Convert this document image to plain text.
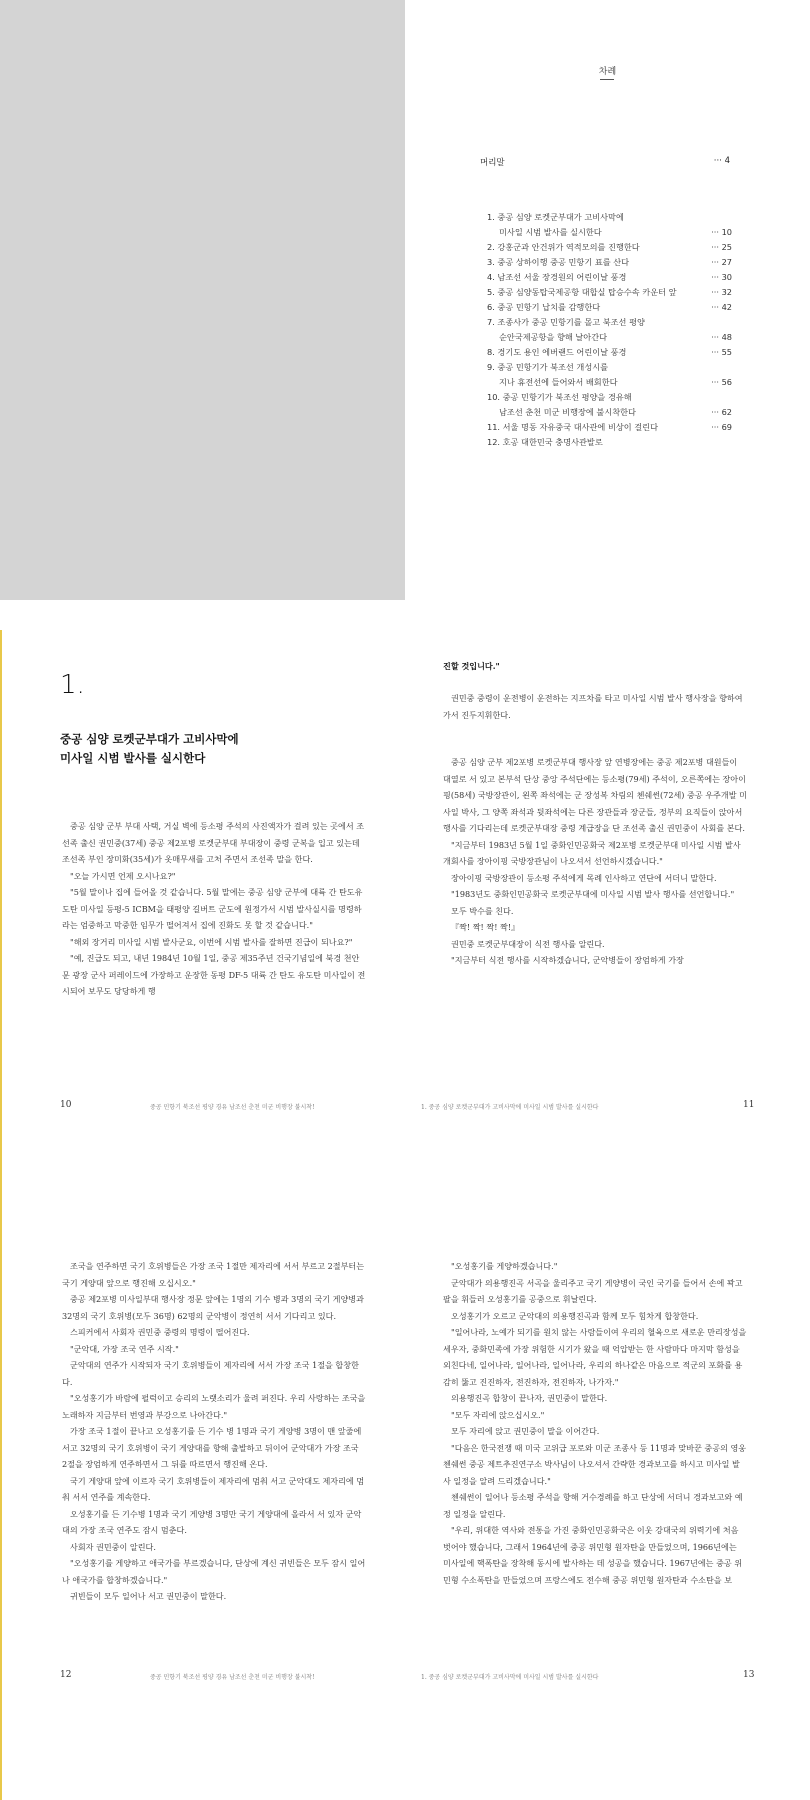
차례
머리말	··· 4
1. 중공 심양 로켓군부대가 고비사막에
미사일 시범 발사를 실시한다	··· 10
2. 강홍군과 안건위가 역적모의를 진행한다	··· 25
3. 중공 상하이행 중공 민항기 표를 산다	··· 27
4. 남조선 서울 장경원의 어린이날 풍경	··· 30
5. 중공 심양동탑국제공항 대합실 탑승수속 카운터 앞	··· 32
6. 중공 민항기 납치를 감행한다	··· 42
7. 조종사가 중공 민항기를 몰고 북조선 평양
순안국제공항을 향해 날아간다	··· 48
8. 경기도 용인 에버랜드 어린이날 풍경	··· 55
9. 중공 민항기가 북조선 개성시를
지나 휴전선에 들어와서 배회한다	··· 56
10. 중공 민항기가 북조선 평양을 경유해
남조선 춘천 미군 비행장에 불시착한다	··· 62
11. 서울 명동 자유중국 대사관에 비상이 걸린다	··· 69
12. 호공 대한민국 충명사관발로
1.
중공 심양 로켓군부대가 고비사막에
미사일 시범 발사를 실시한다

중공 심양 군부 부대 사택, 거실 벽에 등소평 주석의 사진액자가 걸려 있는 곳에서 조선족 출신 권민중(37세) 중공 제2포병 로켓군부대 부대장이 중령 군복을 입고 있는데 조선족 부인 장미화(35세)가 옷매무새를 고처 주면서 조선족 말을 한다.

"오늘 가시면 언제 오시나요?"

"5월 말이나 집에 들어올 것 같습니다. 5월 말에는 중공 심양 군부에 대륙 간 탄도유도탄 미사일 등평-5 ICBM을 태평양 길버트 군도에 원정가서 시범 발사실시를 명령하라는 엄중하고 막중한 임무가 떨어져서 집에 진화도 못 할 것 같습니다."

"해외 장거리 미사일 시범 발사군요, 이번에 시범 발사를 잘하면 진급이 되나요?"

"예, 진급도 되고, 내년 1984년 10월 1일, 중공 제35주년 건국기념일에 북경 천안문 광장 군사 퍼레이드에 가장하고 운장한 동평 DF-5 대륙 간 탄도 유도탄 미사일이 전시되어 보무도 당당하게 행

10	중공 민항기 북조선 평양 경유 남조선 춘천 미군 비행장 불시착!
진할 것입니다."

권민중 중령이 운전병이 운전하는 지프차를 타고 미사일 시범 발사 행사장을 향하여 가서 진두지휘한다.

중공 심양 군부 제2포병 로켓군부대 행사장 앞 연병장에는 중공 제2포병 대원들이 대열로 서 있고 본부석 단상 중앙 주석단에는 등소평(79세) 주석이, 오른쪽에는 장아이핑(58세) 국방장관이, 왼쪽 좌석에는 군 장성복 차림의 첸쉐썬(72세) 중공 우주개발 미사일 박사, 그 양쪽 좌석과 뒷좌석에는 다른 장관들과 장군들, 정부의 요직들이 앉아서 행사를 기다리는데 로켓군부대장 중령 계급장을 단 조선족 출신 권민중이 사회를 본다.

"지금부터 1983년 5월 1일 중화인민공화국 제2포병 로켓군부대 미사일 시범 발사 개회사를 장아이핑 국방장관님이 나오셔서 선언하시겠습니다."

장아이핑 국방장관이 등소평 주석에게 목례 인사하고 연단에 서더니 말한다.

"1983년도 중화인민공화국 로켓군부대에 미사일 시범 발사 행사를 선언합니다."

모두 박수를 친다.

『짝! 짝! 짝! 짝!』

권민중 로켓군부대장이 식전 행사를 알린다.

"지금부터 식전 행사를 시작하겠습니다, 군악병들이 장엄하게 가장

1. 중공 심양 로켓군부대가 고비사막에 미사일 시범 발사를 실시한다	11

조국을 연주하면 국기 호위병들은 가장 조국 1절만 제자리에 서서 부르고 2절부터는 국기 게양대 앞으로 행진해 오십시오."

중공 제2포병 미사일부대 행사장 정문 앞에는 1명의 기수 병과 3명의 국기 게양병과 32명의 국기 호위병(모두 36명) 62명의 군악병이 정연히 서서 기다리고 있다.

스피커에서 사회자 권민중 중령의 명령이 떨어진다.

"군악대, 가장 조국 연주 시작."

군악대의 연주가 시작되자 국기 호위병들이 제자리에 서서 가장 조국 1절을 합창한다.

"오성홍기가 바람에 펄럭이고 승리의 노랫소리가 울려 퍼진다. 우리 사랑하는 조국을 노래하자 지금부터 번영과 부강으로 나아간다."

가장 조국 1절이 끝나고 오성홍기를 든 기수 병 1명과 국기 게양병 3명이 맨 앞줄에 서고 32명의 국기 호위병이 국기 게양대를 향해 출발하고 뒤이어 군악대가 가장 조국 2절을 장엄하게 연주하면서 그 뒤를 따르면서 행진해 온다.

국기 게양대 앞에 이르자 국기 호위병들이 제자리에 멈춰 서고 군악대도 제자리에 멈춰 서서 연주를 계속한다.

오성홍기를 든 기수병 1명과 국기 게양병 3명만 국기 게양대에 올라서 서 있자 군악대의 가장 조국 연주도 잠시 멈춘다.

사회자 권민중이 알린다.

"오성홍기를 게양하고 애국가를 부르겠습니다, 단상에 계신 귀빈들은 모두 잠시 일어나 애국가를 합창하겠습니다."

귀빈들이 모두 일어나 서고 권민중이 말한다.

12	중공 민항기 북조선 평양 경유 남조선 춘천 미군 비행장 불시착!

"오성홍기를 게양하겠습니다."

군악대가 의용행진곡 서곡을 울리주고 국기 게양병이 국인 국기를 들어서 손에 꽉고 팔을 휘들러 오성홍기를 공중으로 휘날린다.

오성홍기가 오르고 군악대의 의용행진곡과 함께 모두 힘차게 합창한다.

"일어나라, 노예가 되기를 원치 않는 사람들이여 우리의 혈육으로 새로운 만리장성을 세우자, 중화민족에 가장 위험한 시기가 왔을 때 억압받는 한 사람마다 마지막 함성을 외친다네, 일어나라, 일어나라, 일어나라, 우리의 하나같은 마음으로 적군의 포화를 용감히 뚫고 진진하자, 전진하자, 전진하자, 나가자."

의용행진곡 합창이 끝나자, 권민중이 말한다.

"모두 자리에 앉으십시오."

모두 자리에 앉고 권민중이 말을 이어간다.

"다음은 한국전쟁 때 미국 고위급 포로와 미군 조종사 등 11명과 맞바꾼 중공의 영웅 첸쉐썬 중공 제트추진연구소 박사님이 나오셔서 간략한 경과보고를 하시고 미사일 발사 일정을 알려 드리겠습니다."

첸쉐썬이 일어나 등소평 주석을 향해 거수경례를 하고 단상에 서더니 경과보고와 예정 일정을 알린다.

"우리, 위대한 역사와 전통을 가진 중화인민공화국은 이웃 강대국의 위력기에 처음 벗어야 했습니다, 그래서 1964년에 중공 위민형 원자탄을 만들었으며, 1966년에는 미사일에 핵폭탄을 장착해 동시에 발사하는 데 성공을 했습니다. 1967년에는 중공 위민형 수소폭탄을 만들었으며 프랑스에도 전수해 중공 위민형 원자탄과 수소탄을 보

1. 중공 심양 로켓군부대가 고비사막에 미사일 시범 발사를 실시한다	13
